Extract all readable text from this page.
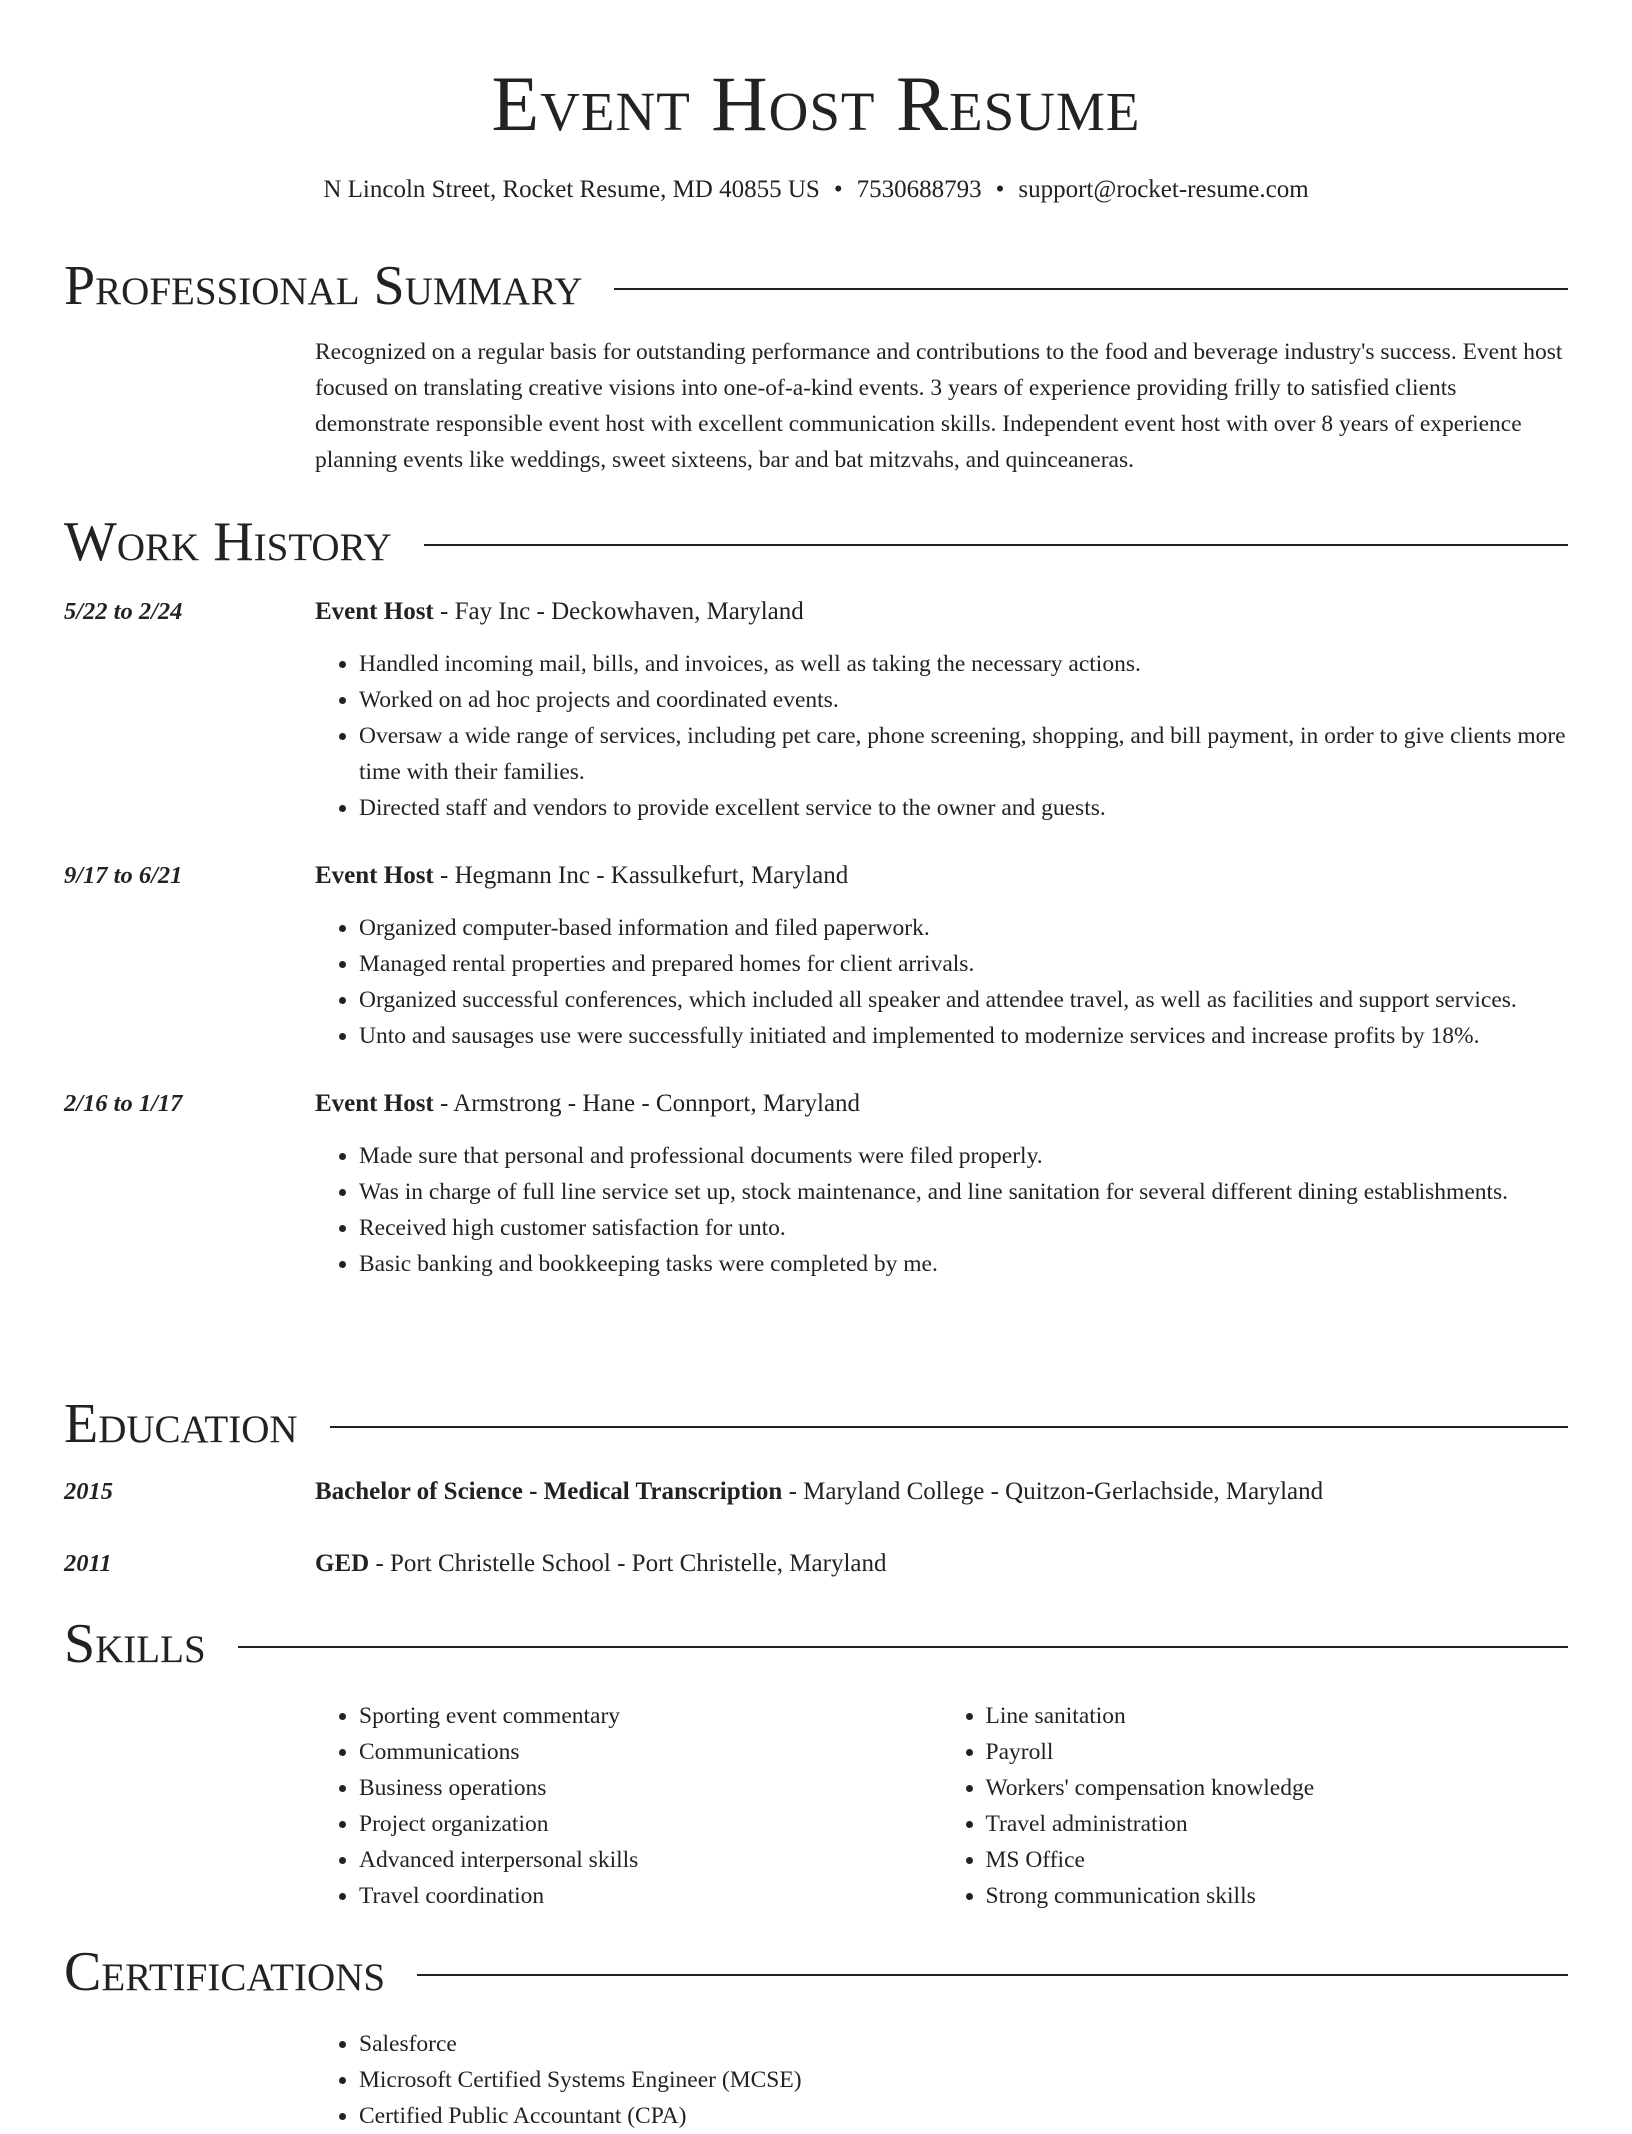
Event Host Resume
N Lincoln Street, Rocket Resume, MD 40855 US • 7530688793 • support@rocket-resume.com
Professional Summary

Recognized on a regular basis for outstanding performance and contributions to the food and beverage industry's success. Event host focused on translating creative visions into one-of-a-kind events. 3 years of experience providing frilly to satisfied clients demonstrate responsible event host with excellent communication skills. Independent event host with over 8 years of experience planning events like weddings, sweet sixteens, bar and bat mitzvahs, and quinceaneras.

Work History
5/22 to 2/24	Event Host - Fay Inc - Deckowhaven, Maryland
• Handled incoming mail, bills, and invoices, as well as taking the necessary actions.
• Worked on ad hoc projects and coordinated events.
• Oversaw a wide range of services, including pet care, phone screening, shopping, and bill payment, in order to give clients more time with their families.
• Directed staff and vendors to provide excellent service to the owner and guests.
9/17 to 6/21	Event Host - Hegmann Inc - Kassulkefurt, Maryland
• Organized computer-based information and filed paperwork.
• Managed rental properties and prepared homes for client arrivals.
• Organized successful conferences, which included all speaker and attendee travel, as well as facilities and support services.
• Unto and sausages use were successfully initiated and implemented to modernize services and increase profits by 18%.
2/16 to 1/17	Event Host - Armstrong - Hane - Connport, Maryland
• Made sure that personal and professional documents were filed properly.
• Was in charge of full line service set up, stock maintenance, and line sanitation for several different dining establishments.
• Received high customer satisfaction for unto.
• Basic banking and bookkeeping tasks were completed by me.
Education
2015	Bachelor of Science - Medical Transcription - Maryland College - Quitzon-Gerlachside, Maryland
2011	GED - Port Christelle School - Port Christelle, Maryland
Skills
• Sporting event commentary
• Communications
• Business operations
• Project organization
• Advanced interpersonal skills
• Travel coordination
• Line sanitation
• Payroll
• Workers' compensation knowledge
• Travel administration
• MS Office
• Strong communication skills
Certifications
• Salesforce
• Microsoft Certified Systems Engineer (MCSE)
• Certified Public Accountant (CPA)
